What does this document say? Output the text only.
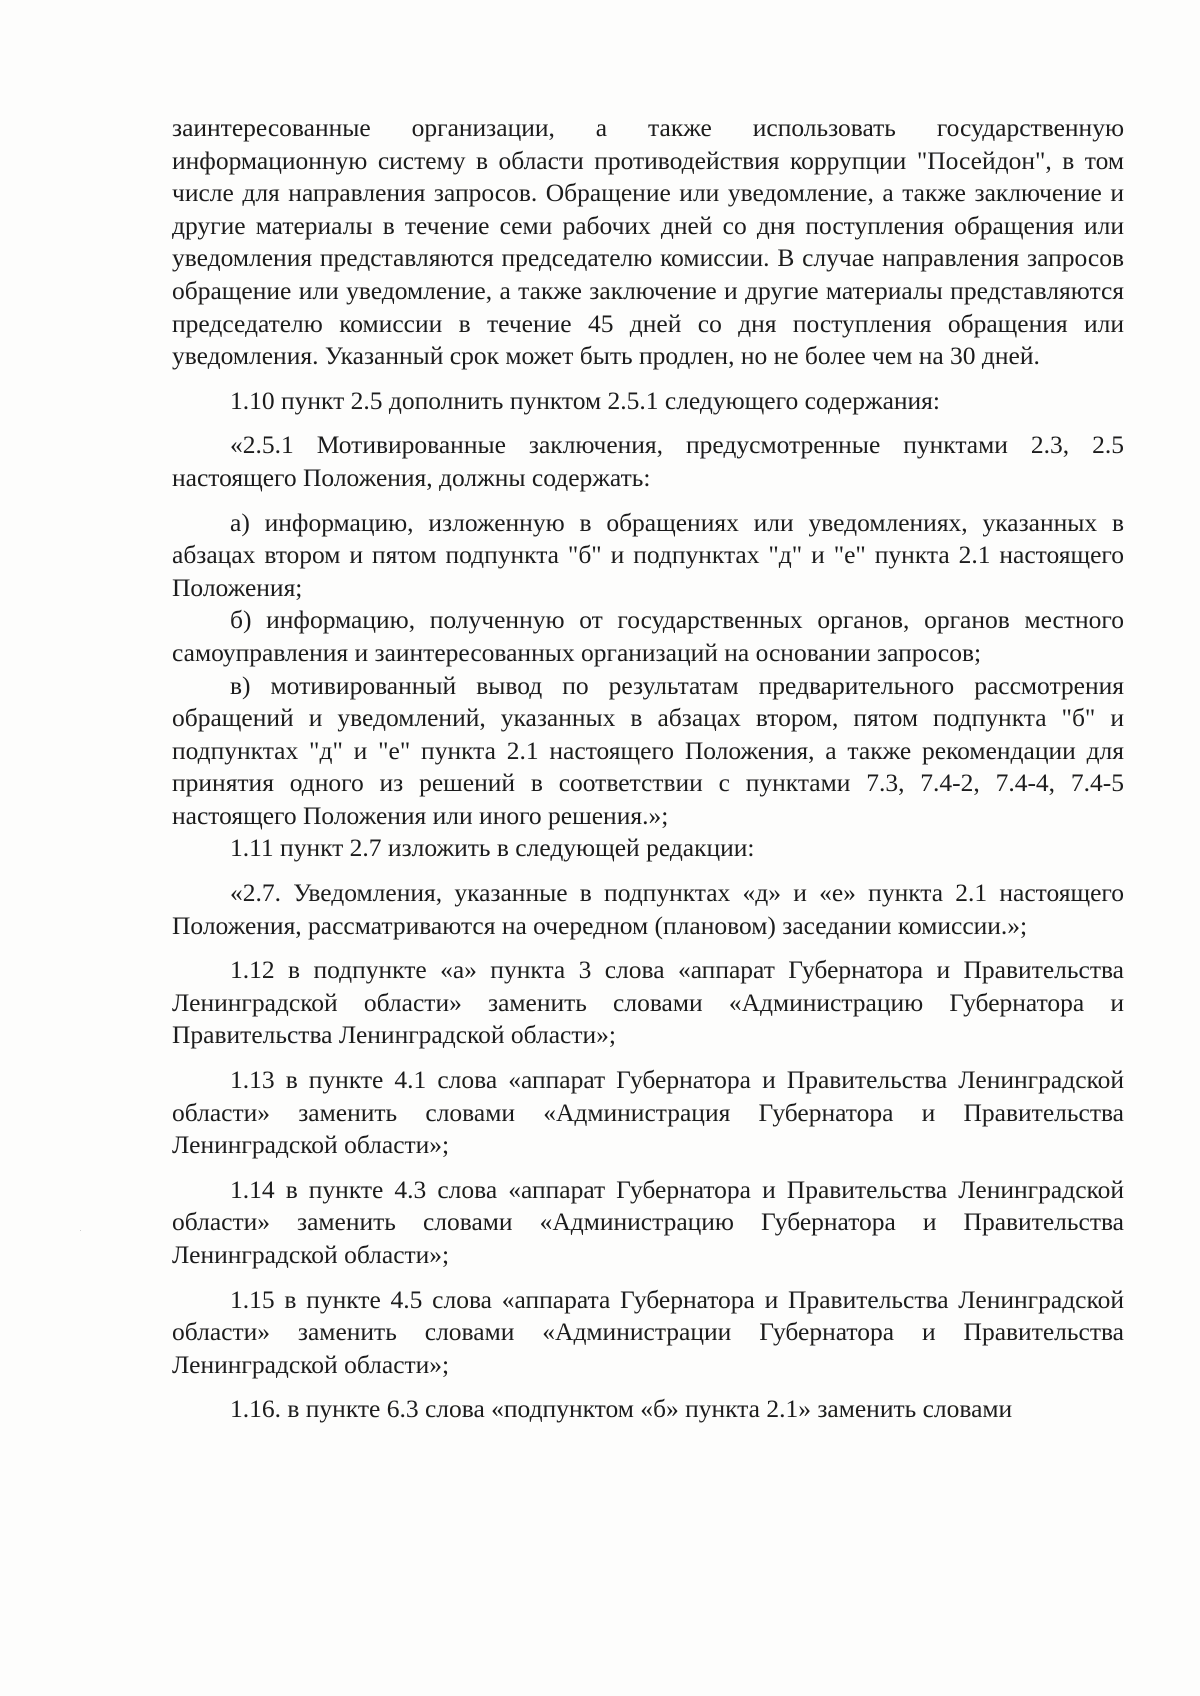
заинтересованные организации, а также использовать государственную информационную систему в области противодействия коррупции "Посейдон", в том числе для направления запросов. Обращение или уведомление, а также заключение и другие материалы в течение семи рабочих дней со дня поступления обращения или уведомления представляются председателю комиссии. В случае направления запросов обращение или уведомление, а также заключение и другие материалы представляются председателю комиссии в течение 45 дней со дня поступления обращения или уведомления. Указанный срок может быть продлен, но не более чем на 30 дней.

1.10 пункт 2.5 дополнить пунктом 2.5.1 следующего содержания:

«2.5.1 Мотивированные заключения, предусмотренные пунктами 2.3, 2.5 настоящего Положения, должны содержать:

а) информацию, изложенную в обращениях или уведомлениях, указанных в абзацах втором и пятом подпункта "б" и подпунктах "д" и "е" пункта 2.1 настоящего Положения;

б) информацию, полученную от государственных органов, органов местного самоуправления и заинтересованных организаций на основании запросов;

в) мотивированный вывод по результатам предварительного рассмотрения обращений и уведомлений, указанных в абзацах втором, пятом подпункта "б" и подпунктах "д" и "е" пункта 2.1 настоящего Положения, а также рекомендации для принятия одного из решений в соответствии с пунктами 7.3, 7.4-2, 7.4-4, 7.4-5 настоящего Положения или иного решения.»;

1.11 пункт 2.7 изложить в следующей редакции:

«2.7. Уведомления, указанные в подпунктах «д» и «е» пункта 2.1 настоящего Положения, рассматриваются на очередном (плановом) заседании комиссии.»;

1.12 в подпункте «а» пункта 3 слова «аппарат Губернатора и Правительства Ленинградской области» заменить словами «Администрацию Губернатора и Правительства Ленинградской области»;

1.13 в пункте 4.1 слова «аппарат Губернатора и Правительства Ленинградской области» заменить словами «Администрация Губернатора и Правительства Ленинградской области»;

1.14 в пункте 4.3 слова «аппарат Губернатора и Правительства Ленинградской области» заменить словами «Администрацию Губернатора и Правительства Ленинградской области»;

1.15 в пункте 4.5 слова «аппарата Губернатора и Правительства Ленинградской области» заменить словами «Администрации Губернатора и Правительства Ленинградской области»;

1.16. в пункте 6.3 слова «подпунктом «б» пункта 2.1» заменить словами
